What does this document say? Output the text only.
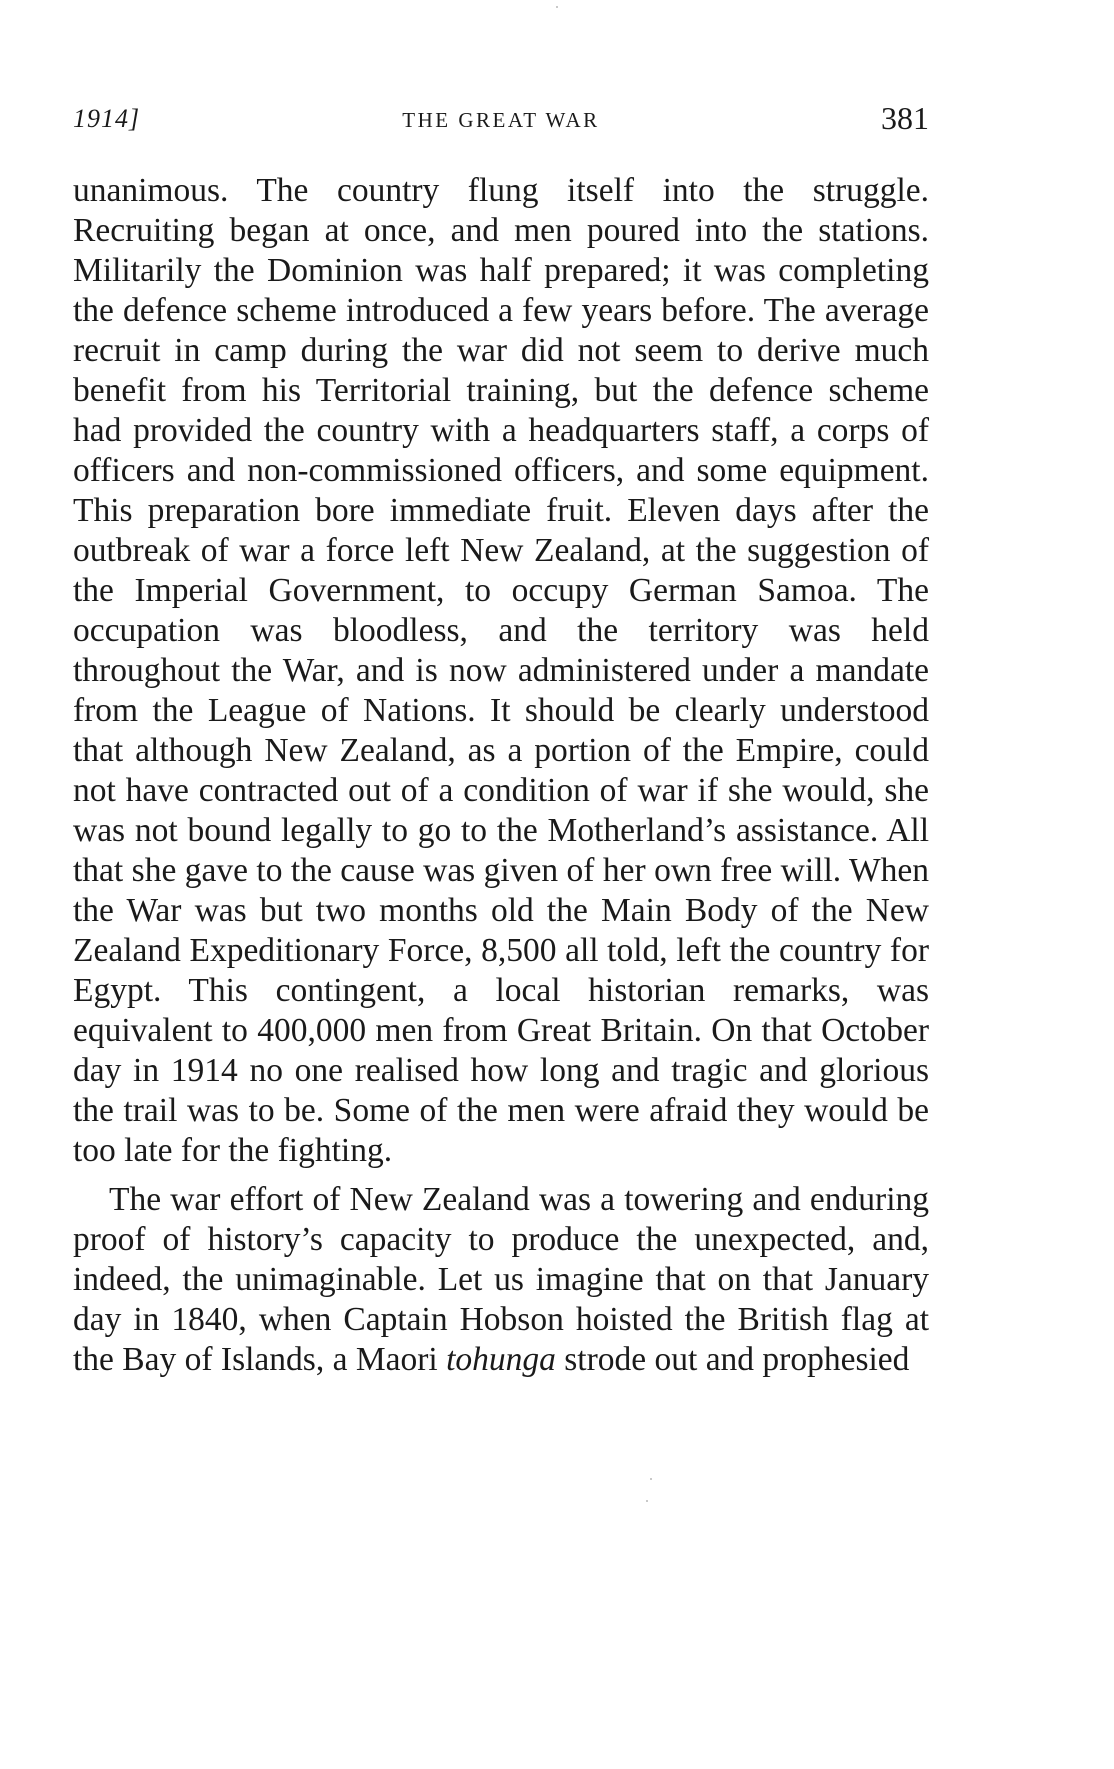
1914]	THE GREAT WAR	381

unanimous. The country flung itself into the struggle. Recruiting began at once, and men poured into the stations. Militarily the Dominion was half prepared; it was completing the defence scheme introduced a few years before. The average recruit in camp during the war did not seem to derive much benefit from his Territorial training, but the defence scheme had provided the country with a headquarters staff, a corps of officers and non-commissioned officers, and some equipment. This preparation bore immediate fruit. Eleven days after the outbreak of war a force left New Zealand, at the suggestion of the Imperial Government, to occupy German Samoa. The occupation was bloodless, and the territory was held throughout the War, and is now administered under a mandate from the League of Nations. It should be clearly understood that although New Zealand, as a portion of the Empire, could not have contracted out of a condition of war if she would, she was not bound legally to go to the Motherland’s assistance. All that she gave to the cause was given of her own free will. When the War was but two months old the Main Body of the New Zealand Expeditionary Force, 8,500 all told, left the country for Egypt. This contingent, a local historian remarks, was equivalent to 400,000 men from Great Britain. On that October day in 1914 no one realised how long and tragic and glorious the trail was to be. Some of the men were afraid they would be too late for the fighting.

The war effort of New Zealand was a towering and enduring proof of history’s capacity to produce the unexpected, and, indeed, the unimaginable. Let us imagine that on that January day in 1840, when Captain Hobson hoisted the British flag at the Bay of Islands, a Maori tohunga strode out and prophesied
